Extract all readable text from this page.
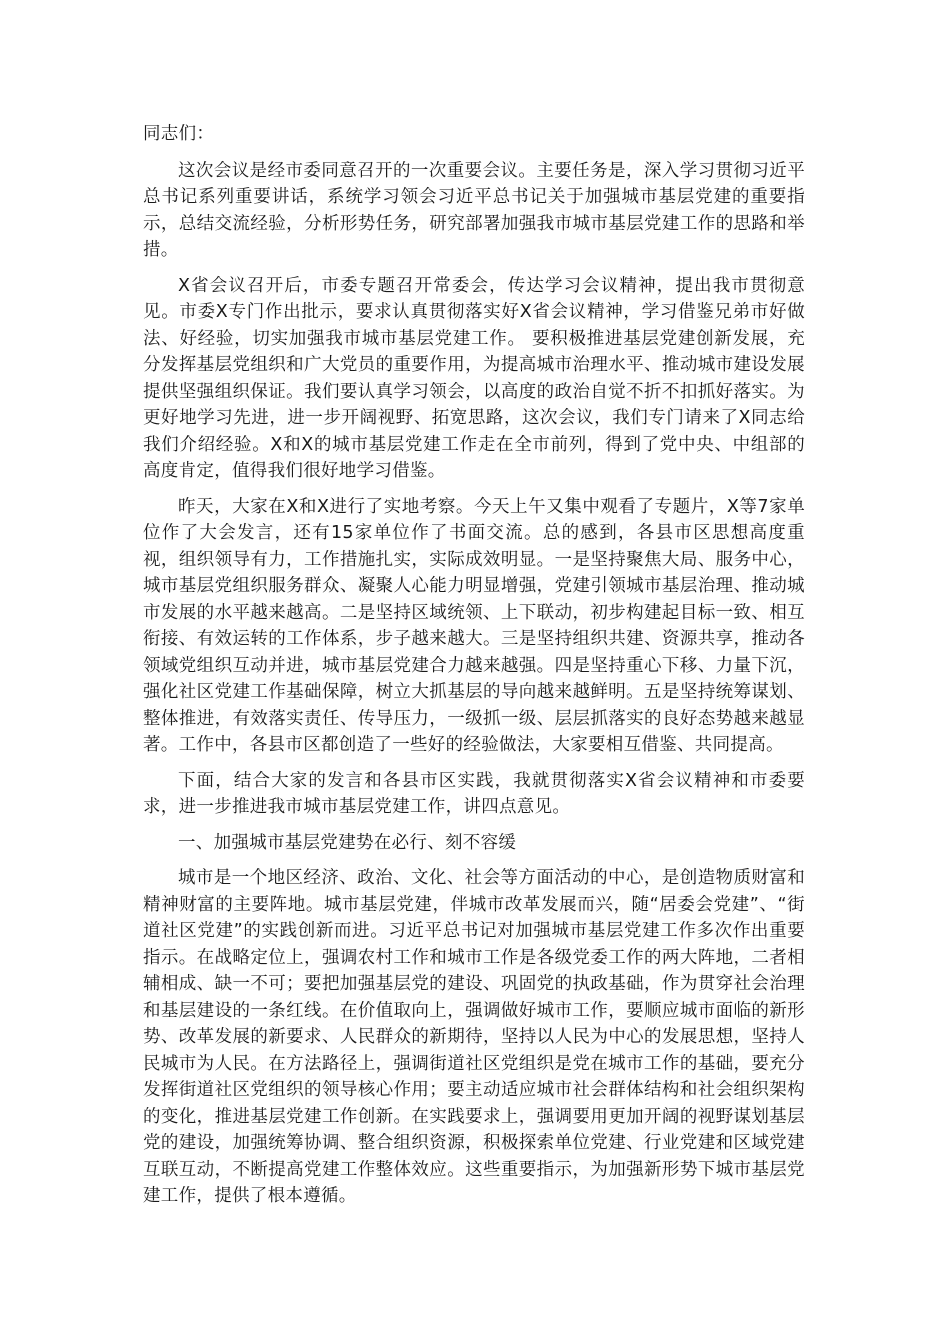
同志们：

这次会议是经市委同意召开的一次重要会议。主要任务是，深入学习贯彻习近平总书记系列重要讲话，系统学习领会习近平总书记关于加强城市基层党建的重要指示，总结交流经验，分析形势任务，研究部署加强我市城市基层党建工作的思路和举措。

X省会议召开后，市委专题召开常委会，传达学习会议精神，提出我市贯彻意见。市委X专门作出批示，要求认真贯彻落实好X省会议精神，学习借鉴兄弟市好做法、好经验，切实加强我市城市基层党建工作。 要积极推进基层党建创新发展，充分发挥基层党组织和广大党员的重要作用，为提高城市治理水平、推动城市建设发展提供坚强组织保证。我们要认真学习领会，以高度的政治自觉不折不扣抓好落实。为更好地学习先进，进一步开阔视野、拓宽思路，这次会议，我们专门请来了X同志给我们介绍经验。X和X的城市基层党建工作走在全市前列，得到了党中央、中组部的高度肯定，值得我们很好地学习借鉴。

昨天，大家在X和X进行了实地考察。今天上午又集中观看了专题片，X等7家单位作了大会发言，还有15家单位作了书面交流。总的感到，各县市区思想高度重视，组织领导有力，工作措施扎实，实际成效明显。一是坚持聚焦大局、服务中心，城市基层党组织服务群众、凝聚人心能力明显增强，党建引领城市基层治理、推动城市发展的水平越来越高。二是坚持区域统领、上下联动，初步构建起目标一致、相互衔接、有效运转的工作体系，步子越来越大。三是坚持组织共建、资源共享，推动各领域党组织互动并进，城市基层党建合力越来越强。四是坚持重心下移、力量下沉，强化社区党建工作基础保障，树立大抓基层的导向越来越鲜明。五是坚持统筹谋划、整体推进，有效落实责任、传导压力，一级抓一级、层层抓落实的良好态势越来越显著。工作中，各县市区都创造了一些好的经验做法，大家要相互借鉴、共同提高。

下面，结合大家的发言和各县市区实践，我就贯彻落实X省会议精神和市委要求，进一步推进我市城市基层党建工作，讲四点意见。

一、加强城市基层党建势在必行、刻不容缓

城市是一个地区经济、政治、文化、社会等方面活动的中心，是创造物质财富和精神财富的主要阵地。城市基层党建，伴城市改革发展而兴，随“居委会党建”、“街道社区党建”的实践创新而进。习近平总书记对加强城市基层党建工作多次作出重要指示。在战略定位上，强调农村工作和城市工作是各级党委工作的两大阵地，二者相辅相成、缺一不可；要把加强基层党的建设、巩固党的执政基础，作为贯穿社会治理和基层建设的一条红线。在价值取向上，强调做好城市工作，要顺应城市面临的新形势、改革发展的新要求、人民群众的新期待，坚持以人民为中心的发展思想，坚持人民城市为人民。在方法路径上，强调街道社区党组织是党在城市工作的基础，要充分发挥街道社区党组织的领导核心作用；要主动适应城市社会群体结构和社会组织架构的变化，推进基层党建工作创新。在实践要求上，强调要用更加开阔的视野谋划基层党的建设，加强统筹协调、整合组织资源，积极探索单位党建、行业党建和区域党建互联互动，不断提高党建工作整体效应。这些重要指示，为加强新形势下城市基层党建工作，提供了根本遵循。
